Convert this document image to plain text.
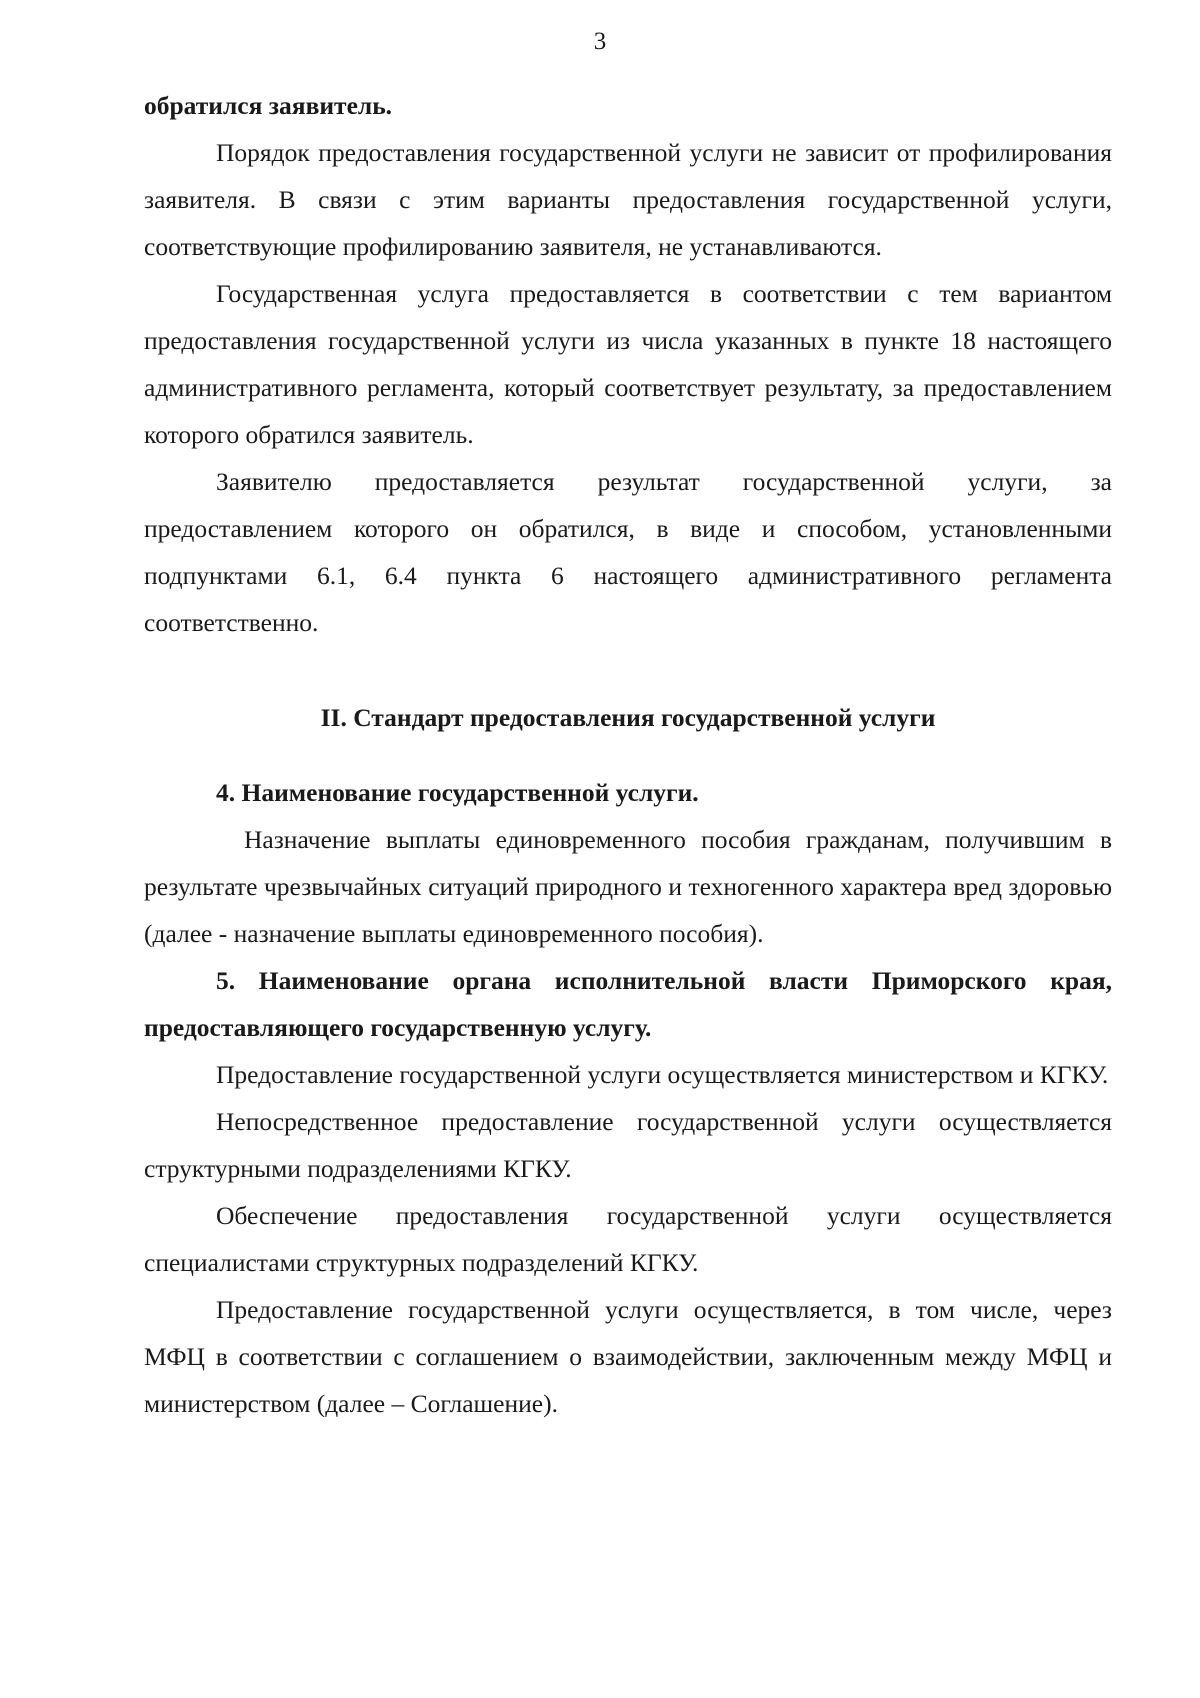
3

обратился заявитель.

Порядок предоставления государственной услуги не зависит от профилирования заявителя. В связи с этим варианты предоставления государственной услуги, соответствующие профилированию заявителя, не устанавливаются.

Государственная услуга предоставляется в соответствии с тем вариантом предоставления государственной услуги из числа указанных в пункте 18 настоящего административного регламента, который соответствует результату, за предоставлением которого обратился заявитель.

Заявителю предоставляется результат государственной услуги, за предоставлением которого он обратился, в виде и способом, установленными подпунктами 6.1, 6.4 пункта 6 настоящего административного регламента соответственно.

II. Стандарт предоставления государственной услуги

4. Наименование государственной услуги.

Назначение выплаты единовременного пособия гражданам, получившим в результате чрезвычайных ситуаций природного и техногенного характера вред здоровью (далее - назначение выплаты единовременного пособия).

5. Наименование органа исполнительной власти Приморского края, предоставляющего государственную услугу.

Предоставление государственной услуги осуществляется министерством и КГКУ.

Непосредственное предоставление государственной услуги осуществляется структурными подразделениями КГКУ.

Обеспечение предоставления государственной услуги осуществляется специалистами структурных подразделений КГКУ.

Предоставление государственной услуги осуществляется, в том числе, через МФЦ в соответствии с соглашением о взаимодействии, заключенным между МФЦ и министерством (далее – Соглашение).
